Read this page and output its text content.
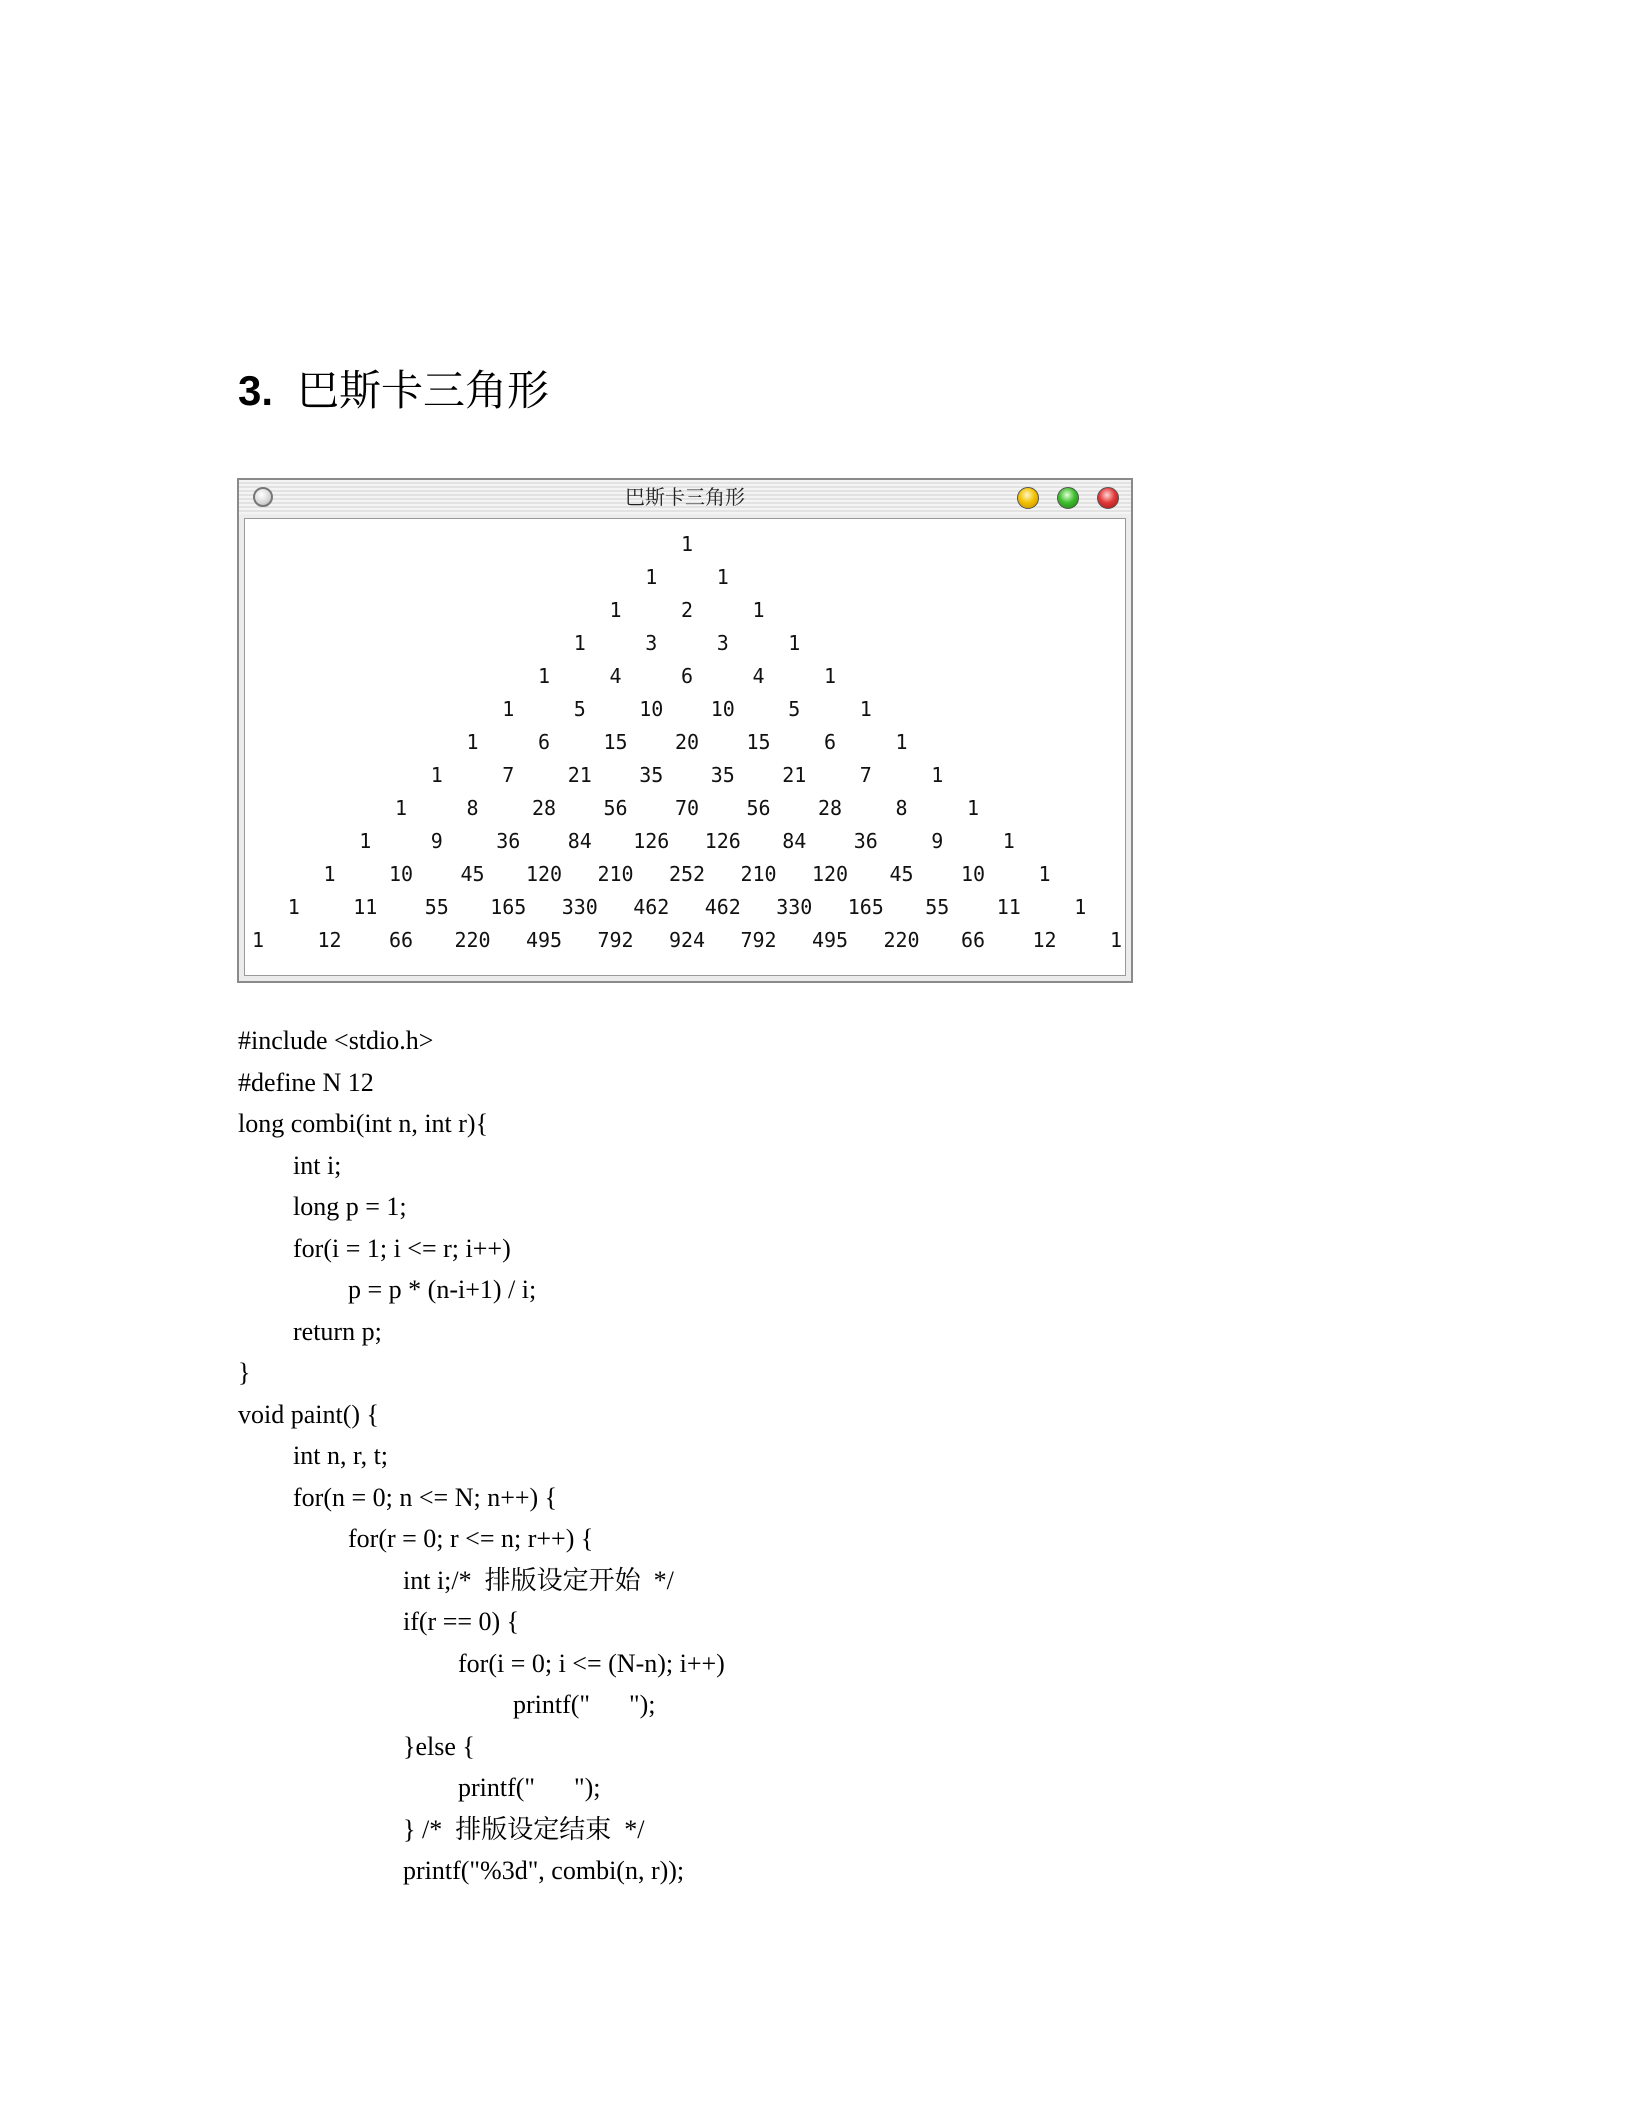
3. 巴斯卡三角形
巴斯卡三角形
1
1	1
1	2	1
1	3	3	1
1	4	6	4	1
1	5	10	10	5	1
1	6	15	20	15	6	1
1	7	21	35	35	21	7	1
1	8	28	56	70	56	28	8	1
1	9	36	84	126	126	84	36	9	1
1	10	45	120	210	252	210	120	45	10	1
1	11	55	165	330	462	462	330	165	55	11	1
1	12	66	220	495	792	924	792	495	220	66	12	1
#include <stdio.h>
#define N 12
long combi(int n, int r){
int i;
long p = 1;
for(i = 1; i <= r; i++)
p = p * (n-i+1) / i;
return p;
}
void paint() {
int n, r, t;
for(n = 0; n <= N; n++) {
for(r = 0; r <= n; r++) {
int i;/*  排版设定开始  */
if(r == 0) {
for(i = 0; i <= (N-n); i++)
printf("      ");
}else {
printf("      ");
} /*  排版设定结束  */
printf("%3d", combi(n, r));
